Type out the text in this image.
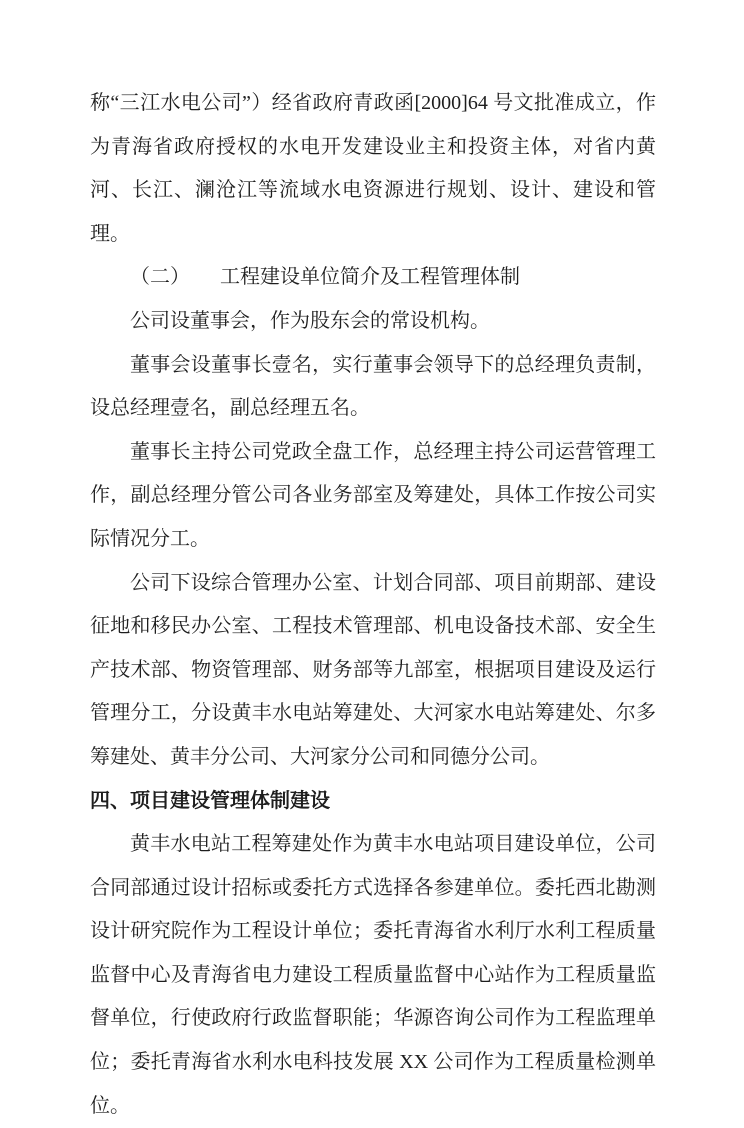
称“三江水电公司”）经省政府青政函[2000]64 号文批准成立，作为青海省政府授权的水电开发建设业主和投资主体，对省内黄河、长江、澜沧江等流域水电资源进行规划、设计、建设和管理。

（二）　　工程建设单位简介及工程管理体制

公司设董事会，作为股东会的常设机构。

董事会设董事长壹名，实行董事会领导下的总经理负责制，设总经理壹名，副总经理五名。

董事长主持公司党政全盘工作，总经理主持公司运营管理工作，副总经理分管公司各业务部室及筹建处，具体工作按公司实际情况分工。

公司下设综合管理办公室、计划合同部、项目前期部、建设征地和移民办公室、工程技术管理部、机电设备技术部、安全生产技术部、物资管理部、财务部等九部室，根据项目建设及运行管理分工，分设黄丰水电站筹建处、大河家水电站筹建处、尔多筹建处、黄丰分公司、大河家分公司和同德分公司。

四、项目建设管理体制建设

黄丰水电站工程筹建处作为黄丰水电站项目建设单位，公司合同部通过设计招标或委托方式选择各参建单位。委托西北勘测设计研究院作为工程设计单位；委托青海省水利厅水利工程质量监督中心及青海省电力建设工程质量监督中心站作为工程质量监督单位，行使政府行政监督职能；华源咨询公司作为工程监理单位；委托青海省水利水电科技发展 XX 公司作为工程质量检测单位。
